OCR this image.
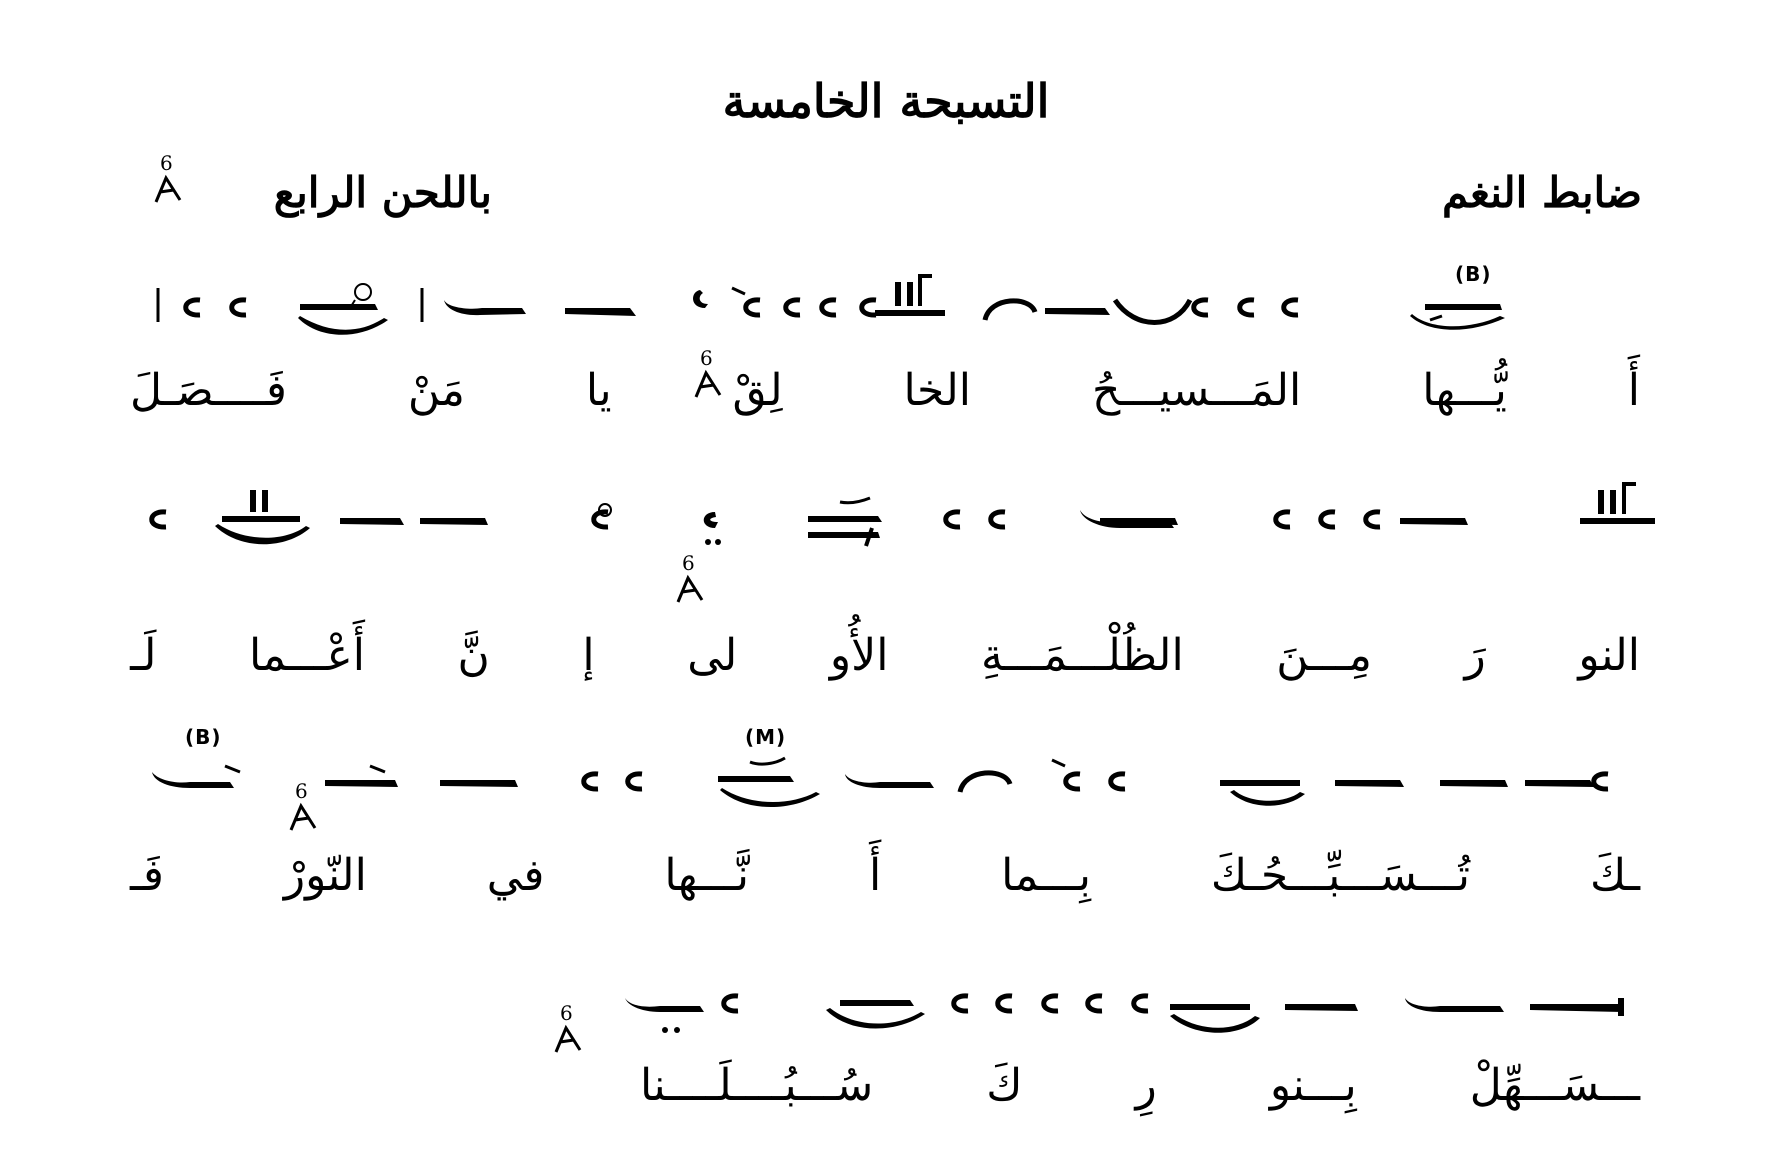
التسبحة الخامسة
ضابط النغم
باللحن الرابع
6
(B)
6
أَ
يُّـــها
المَـــسيـــحُ
الخا
لِقْ
يا
مَنْ
فَــــصَـلَ
6
النو
رَ
مِـــنَ
الظُلْـــمَـــةِ
الأُو
لى
إ
نَّ
أَعْـــما
لَـ
(B)	(M)
6
ـكَ
تُـــسَـــبِّـــحُـكَ
بِـــما
أَ
نَّـــها
في
النّورْ
فَـ
6
ـــسَـــهِّلْ
بِـــنو
رِ
كَ
سُـــبُــــلَــــنا
